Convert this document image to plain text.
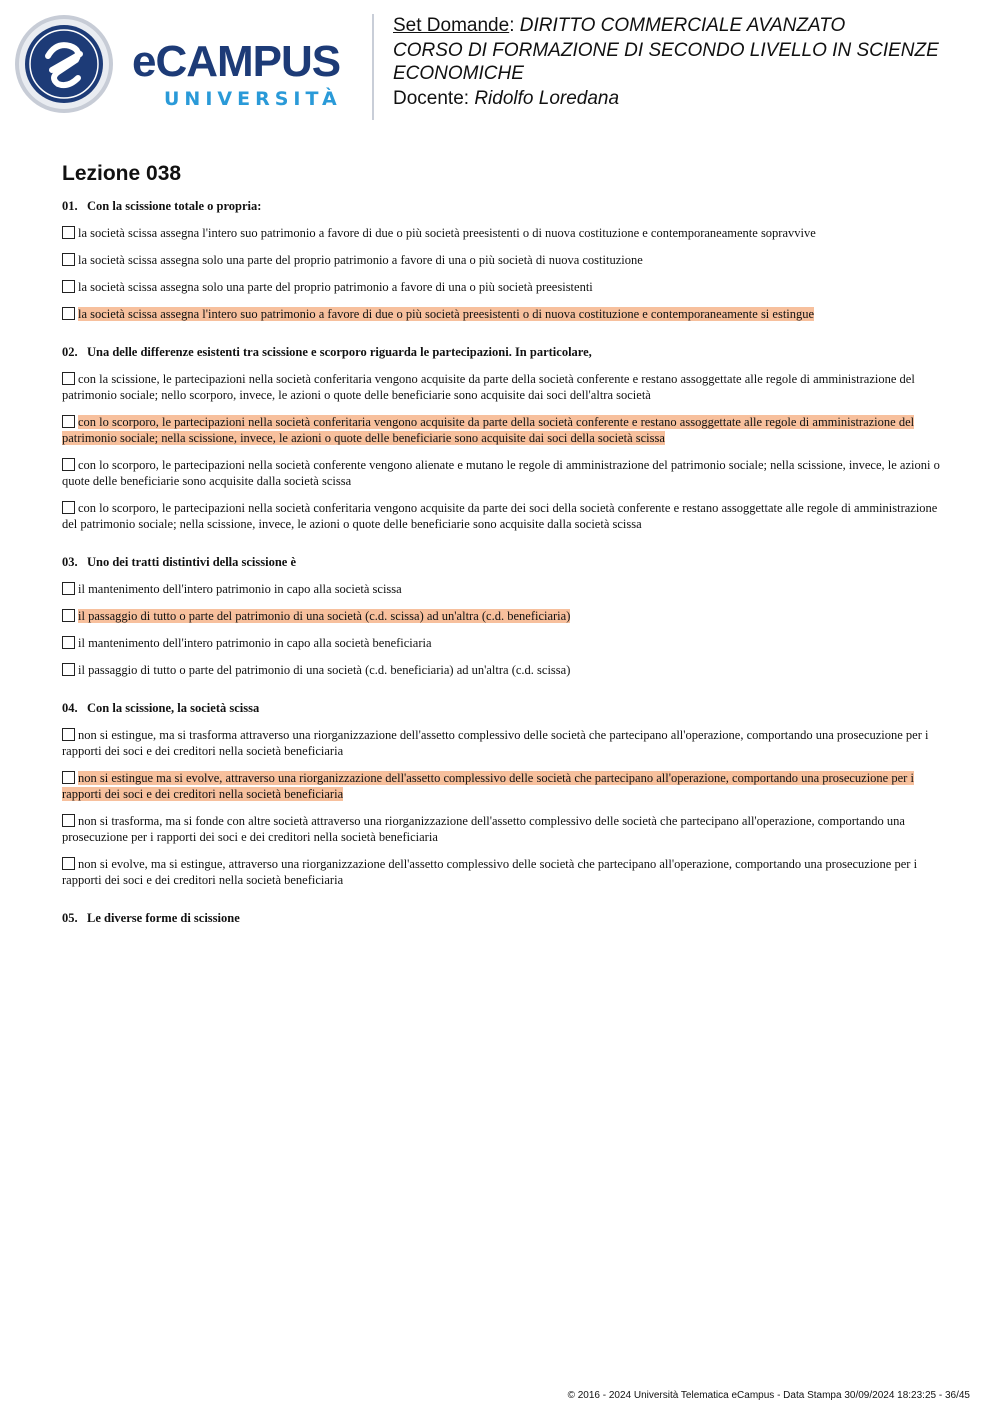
eCAMPUS
UNIVERSITÀ
Set Domande: DIRITTO COMMERCIALE AVANZATO
CORSO DI FORMAZIONE DI SECONDO LIVELLO IN SCIENZE ECONOMICHE
Docente: Ridolfo Loredana
Lezione 038
01. Con la scissione totale o propria:
la società scissa assegna l'intero suo patrimonio a favore di due o più società preesistenti o di nuova costituzione e contemporaneamente sopravvive
la società scissa assegna solo una parte del proprio patrimonio a favore di una o più società di nuova costituzione
la società scissa assegna solo una parte del proprio patrimonio a favore di una o più società preesistenti
la società scissa assegna l'intero suo patrimonio a favore di due o più società preesistenti o di nuova costituzione e contemporaneamente si estingue
02. Una delle differenze esistenti tra scissione e scorporo riguarda le partecipazioni. In particolare,
con la scissione, le partecipazioni nella società conferitaria vengono acquisite da parte della società conferente e restano assoggettate alle regole di amministrazione del patrimonio sociale; nello scorporo, invece, le azioni o quote delle beneficiarie sono acquisite dai soci dell'altra società
con lo scorporo, le partecipazioni nella società conferitaria vengono acquisite da parte della società conferente e restano assoggettate alle regole di amministrazione del patrimonio sociale; nella scissione, invece, le azioni o quote delle beneficiarie sono acquisite dai soci della società scissa
con lo scorporo, le partecipazioni nella società conferente vengono alienate e mutano le regole di amministrazione del patrimonio sociale; nella scissione, invece, le azioni o quote delle beneficiarie sono acquisite dalla società scissa
con lo scorporo, le partecipazioni nella società conferitaria vengono acquisite da parte dei soci della società conferente e restano assoggettate alle regole di amministrazione del patrimonio sociale; nella scissione, invece, le azioni o quote delle beneficiarie sono acquisite dalla società scissa
03. Uno dei tratti distintivi della scissione è
il mantenimento dell'intero patrimonio in capo alla società scissa
il passaggio di tutto o parte del patrimonio di una società (c.d. scissa) ad un'altra (c.d. beneficiaria)
il mantenimento dell'intero patrimonio in capo alla società beneficiaria
il passaggio di tutto o parte del patrimonio di una società (c.d. beneficiaria) ad un'altra (c.d. scissa)
04. Con la scissione, la società scissa
non si estingue, ma si trasforma attraverso una riorganizzazione dell'assetto complessivo delle società che partecipano all'operazione, comportando una prosecuzione per i rapporti dei soci e dei creditori nella società beneficiaria
non si estingue ma si evolve, attraverso una riorganizzazione dell'assetto complessivo delle società che partecipano all'operazione, comportando una prosecuzione per i rapporti dei soci e dei creditori nella società beneficiaria
non si trasforma, ma si fonde con altre società attraverso una riorganizzazione dell'assetto complessivo delle società che partecipano all'operazione, comportando una prosecuzione per i rapporti dei soci e dei creditori nella società beneficiaria
non si evolve, ma si estingue, attraverso una riorganizzazione dell'assetto complessivo delle società che partecipano all'operazione, comportando una prosecuzione per i rapporti dei soci e dei creditori nella società beneficiaria
05. Le diverse forme di scissione
© 2016 - 2024 Università Telematica eCampus - Data Stampa 30/09/2024 18:23:25 - 36/45
